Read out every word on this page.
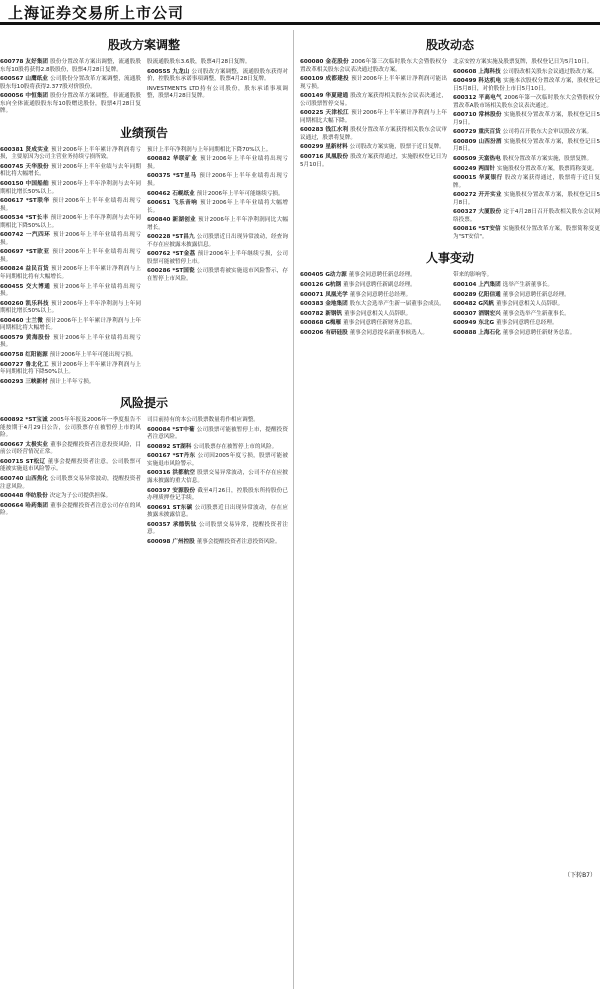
上海证券交易所上市公司
股改方案调整
600778 友好集团 股份分置改革方案出调整，流通股股东每10股将获得2.8股股份，股票4月28日复牌。
600567 山鹰纸业 公司股份分置改革方案调整，流通股股东每10股将获得2.377股对价股份。
600056 中恒集团 股份分置改革方案调整，非流通股股东向全体流通股股东每10股赠送股份，股票4月28日复牌。
股流通股股东3.6股，股票4月28日复牌。
600555 九龙山 公司股改方案调整，流通股股东获得对价，控股股东承诺事项调整，股票4月28日复牌。
INVESTMENTS LTD持有公司股份，股东承诺事项调整，股票4月28日复牌。
业绩预告
600381 贤成实业 预计2006年上半年累计净利润将亏损，主要原因为公司主营业务持续亏损所致。
600745 天华股份 预计2006年上半年业绩与去年同期相比将大幅增长。
600150 中国船舶 预计2006年上半年净利润与去年同期相比增长50%以上。
600617 *ST联华 预计2006年上半年业绩将出现亏损。
600534 *ST长丰 预计2006年上半年净利润与去年同期相比下降50%以上。
600742 一汽四环 预计2006年上半年业绩将出现亏损。
600697 *ST欧亚 预计2006年上半年业绩将出现亏损。
600824 益民百货 预计2006年上半年累计净利润与上年同期相比将有大幅增长。
600455 交大博通 预计2006年上半年业绩将出现亏损。
600260 凯乐科技 预计2006年上半年净利润与上年同期相比增长50%以上。
600460 士兰微 预计2006年上半年累计净利润与上年同期相比将大幅增长。
600579 黄海股份 预计2006年上半年业绩将出现亏损。
600758 红阳能源 预计2006年上半年可能出现亏损。
600727 鲁北化工 预计2006年上半年累计净利润与上年同期相比将下降50%以上。
600293 三峡新材 预计上半年亏损。
预计上半年净利润与上年同期相比下降70%以上。
600882 华联矿业 预计2006年上半年业绩将出现亏损。
600375 *ST星马 预计2006年上半年业绩将出现亏损。
600462 石岘纸业 预计2006年上半年可能继续亏损。
600651 飞乐音响 预计2006年上半年业绩将大幅增长。
600840 新湖创业 预计2006年上半年净利润同比大幅增长。
600228 *ST昌九 公司股票近日出现异常波动，经查询不存在应披露未披露信息。
600762 *ST金荔 预计2006年上半年继续亏损，公司股票可能被暂停上市。
600286 *ST国瓷 公司股票将被实施退市风险警示，存在暂停上市风险。
风险提示
600892 *ST宝诚 2005年年报及2006年一季度报告不能按期于4月29日公告，公司股票存在被暂停上市的风险。
600667 太极实业 董事会提醒投资者注意投资风险，目前公司经营情况正常。
600715 ST松辽 董事会提醒投资者注意，公司股票可能被实施退市风险警示。
600740 山西焦化 公司股票交易异常波动，提醒投资者注意风险。
600448 华纺股份 决定为子公司提供担保。
600664 哈药集团 董事会提醒投资者注意公司存在的风险。
司目前持有的本公司股票数量将作相应调整。
600084 *ST中葡 公司股票可能被暂停上市，提醒投资者注意风险。
600892 ST湖科 公司股票存在被暂停上市的风险。
600167 *ST丹东 公司因2005年度亏损，股票可能被实施退市风险警示。
600316 洪都航空 股票交易异常波动，公司不存在应披露未披露的重大信息。
600397 安源股份 截至4月26日，控股股东所持股份已办理质押登记手续。
600691 ST东碳 公司股票近日出现异常波动，存在应披露未披露信息。
600357 承德钒钛 公司股票交易异常，提醒投资者注意。
600098 广州控股 董事会提醒投资者注意投资风险。
股改动态
600080 金花股份 2006年第三次临时股东大会暨股权分置改革相关股东会议表决通过股改方案。
600109 成都建投 预计2006年上半年累计净利润可能出现亏损。
600149 华夏建通 股改方案获得相关股东会议表决通过，公司股票暂停交易。
600225 天津松江 预计2006年上半年累计净利润与上年同期相比大幅下降。
600283 钱江水利 股权分置改革方案获得相关股东会议审议通过，股票将复牌。
600299 星新材料 公司股改方案实施，股票于近日复牌。
600716 凤凰股份 股改方案获得通过，实施股权登记日为5月10日。
北京安控方案实施及股票复牌，股权登记日为5月10日。
600608 上海科技 公司股改相关股东会议通过股改方案。
600499 科达机电 实施本次股权分置改革方案，股权登记日5月8日，对价股份上市日5月10日。
600312 平高电气 2006年第一次临时股东大会暨股权分置改革A股市场相关股东会议表决通过。
600710 常林股份 实施股权分置改革方案，股权登记日5月9日。
600729 重庆百货 公司将召开股东大会审议股改方案。
600809 山西汾酒 实施股权分置改革方案，股权登记日5月8日。
600509 天富热电 股权分置改革方案实施，股票复牌。
600249 两面针 实施股权分置改革方案，股票简称变更。
600015 华夏银行 股改方案获得通过，股票将于近日复牌。
600272 开开实业 实施股权分置改革方案，股权登记日5月8日。
600327 大厦股份 定于4月28日召开股改相关股东会议网络投票。
600816 *ST安信 实施股权分置改革方案，股票简称变更为"ST安信"。
人事变动
600405 G动力源 董事会同意聘任新总经理。
600126 G杭钢 董事会同意聘任新副总经理。
600071 凤凰光学 董事会同意聘任总经理。
600383 金地集团 股东大会选举产生新一届董事会成员。
600782 新钢钒 董事会同意相关人员辞职。
600868 G梅雁 董事会同意聘任新财务总监。
600206 有研硅股 董事会同意提名新董事候选人。
带来的影响等。
600104 上汽集团 选举产生新董事长。
600289 亿阳信通 董事会同意聘任新总经理。
600482 G风帆 董事会同意相关人员辞职。
600307 酒钢宏兴 董事会选举产生新董事长。
600949 东北G 董事会同意聘任总经理。
600888 上海石化 董事会同意聘任新财务总监。
（下转B7）
